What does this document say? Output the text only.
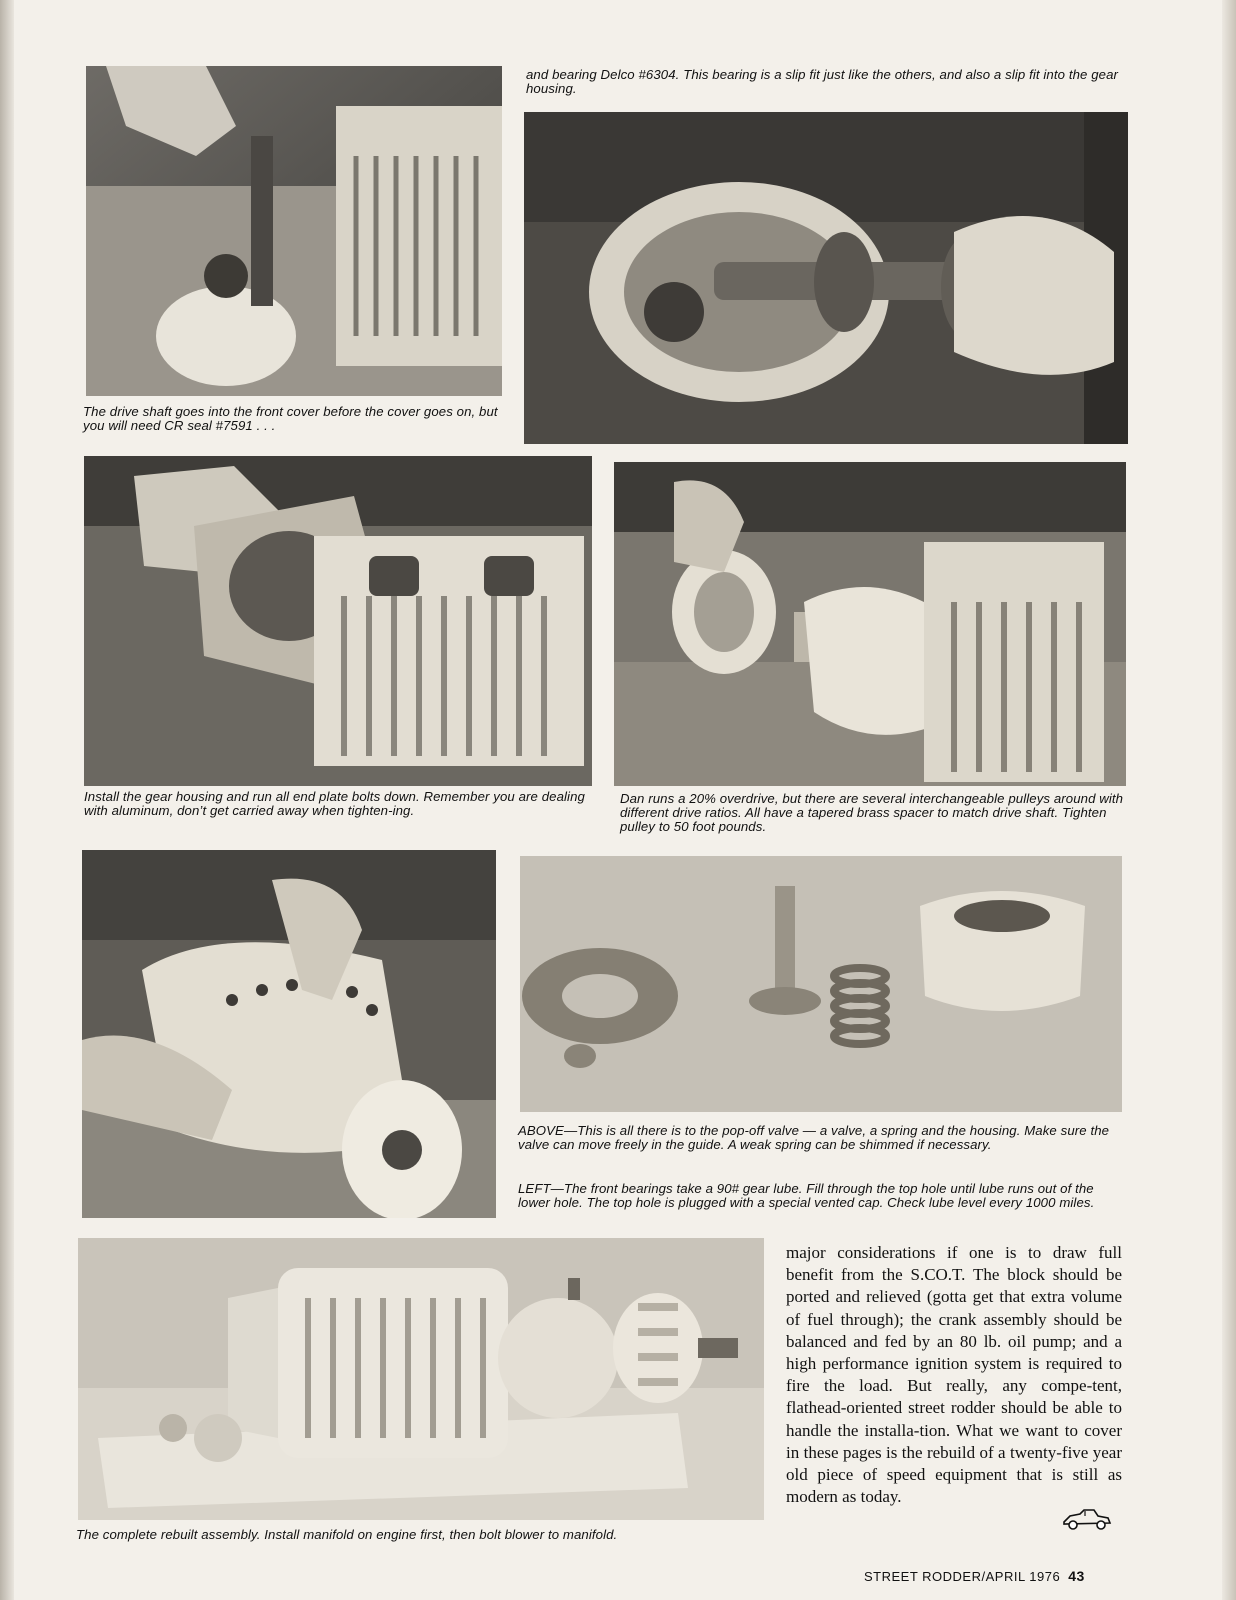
The drive shaft goes into the front cover before the cover goes on, but you will need CR seal #7591 . . .

and bearing Delco #6304. This bearing is a slip fit just like the others, and also a slip fit into the gear housing.

Install the gear housing and run all end plate bolts down. Remember you are dealing with aluminum, don’t get carried away when tighten-ing.

Dan runs a 20% overdrive, but there are several interchangeable pulleys around with different drive ratios. All have a tapered brass spacer to match drive shaft. Tighten pulley to 50 foot pounds.

ABOVE—This is all there is to the pop-off valve — a valve, a spring and the housing. Make sure the valve can move freely in the guide. A weak spring can be shimmed if necessary.

LEFT—The front bearings take a 90# gear lube. Fill through the top hole until lube runs out of the lower hole. The top hole is plugged with a special vented cap. Check lube level every 1000 miles.

The complete rebuilt assembly. Install manifold on engine first, then bolt blower to manifold.

major considerations if one is to draw full benefit from the S.CO.T. The block should be ported and relieved (gotta get that extra volume of fuel through); the crank assembly should be balanced and fed by an 80 lb. oil pump; and a high performance ignition system is required to fire the load. But really, any compe-tent, flathead-oriented street rodder should be able to handle the installa-tion. What we want to cover in these pages is the rebuild of a twenty-five year old piece of speed equipment that is still as modern as today.

STREET RODDER/APRIL 1976 43
